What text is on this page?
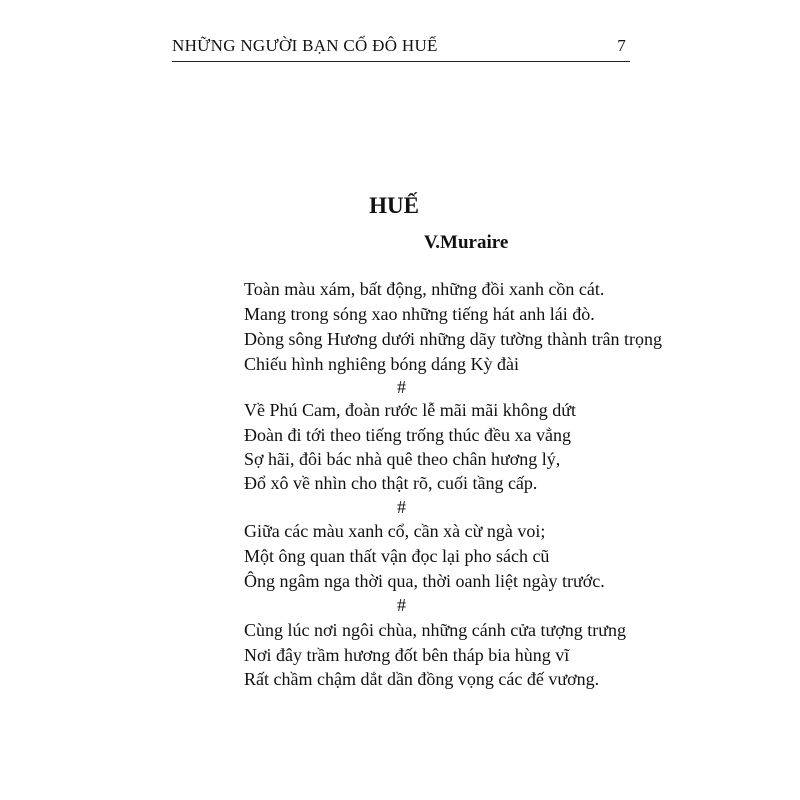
NHỮNG NGƯỜI BẠN CỐ ĐÔ HUẾ	7
HUẾ
V.Muraire
Toàn màu xám, bất động, những đồi xanh cồn cát.
Mang trong sóng xao những tiếng hát anh lái đò.
Dòng sông Hương dưới những dãy tường thành trân trọng
Chiếu hình nghiêng bóng dáng Kỳ đài
#
Về Phú Cam, đoàn rước lễ mãi mãi không dứt
Đoàn đi tới theo tiếng trống thúc đều xa vẳng
Sợ hãi, đôi bác nhà quê theo chân hương lý,
Đổ xô về nhìn cho thật rõ, cuối tầng cấp.
#
Giữa các màu xanh cổ, cần xà cừ ngà voi;
Một ông quan thất vận đọc lại pho sách cũ
Ông ngâm nga thời qua, thời oanh liệt ngày trước.
#
Cùng lúc nơi ngôi chùa, những cánh cửa tượng trưng
Nơi đây trầm hương đốt bên tháp bia hùng vĩ
Rất chầm chậm dắt dần đồng vọng các đế vương.
